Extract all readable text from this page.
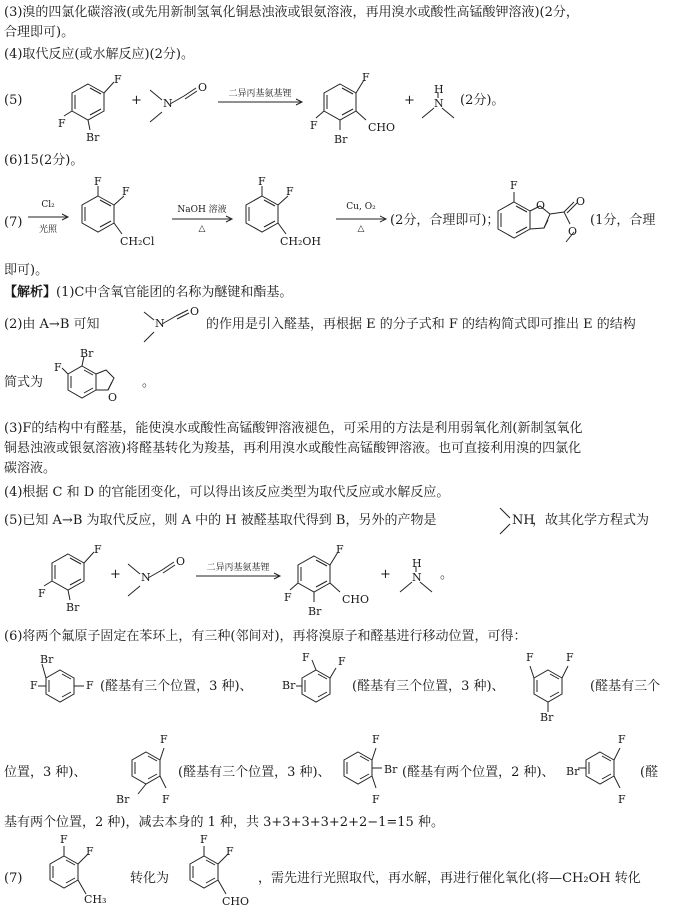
(3)溴的四氯化碳溶液(或先用新制氢氧化铜悬浊液或银氨溶液，再用溴水或酸性高锰酸钾溶液)(2分，
合理即可)。
(4)取代反应(或水解反应)(2分)。
(5)
F
F
Br
+ N
O	二异丙基氨基锂
F
F
Br
CHO
+
H
N (2分)。
(6)15(2分)。
(7)
Cl₂
光照
F
F
CH₂Cl
NaOH 溶液
△
F
F
CH₂OH
Cu, O₂
△
(2分，合理即可)；
F
O	O
O
(1分，合理
即可)。
【解析】(1)C中含氧官能团的名称为醚键和酯基。
(2)由 A→B 可知	N
O
的作用是引入醛基，再根据 E 的分子式和 F 的结构简式即可推出 E 的结构
简式为
Br
F
O
。
(3)F的结构中有醛基，能使溴水或酸性高锰酸钾溶液褪色，可采用的方法是利用弱氧化剂(新制氢氧化
铜悬浊液或银氨溶液)将醛基转化为羧基，再利用溴水或酸性高锰酸钾溶液。也可直接利用溴的四氯化
碳溶液。
(4)根据 C 和 D 的官能团变化，可以得出该反应类型为取代反应或水解反应。
(5)已知 A→B 为取代反应，则 A 中的 H 被醛基取代得到 B，另外的产物是	NH
，故其化学方程式为
F
F
Br
+ N
O	二异丙基氨基锂
F
F
Br
CHO
+
H
N 。
(6)将两个氟原子固定在苯环上，有三种(邻间对)，再将溴原子和醛基进行移动位置，可得：
Br
F	F (醛基有三个位置，3 种)、	Br
F	F
(醛基有三个位置，3 种)、
F	F
Br
(醛基有三个
位置，3 种)、
F
Br	F
(醛基有三个位置，3 种)、
F
Br
F
(醛基有两个位置，2 种)、 Br
F
F
(醛
基有两个位置，2 种)，减去本身的 1 种，共 3+3+3+3+2+2−1=15 种。
(7)
F
F
CH₃
转化为
F
F
CHO
，需先进行光照取代，再水解，再进行催化氧化(将—CH₂OH 转化
